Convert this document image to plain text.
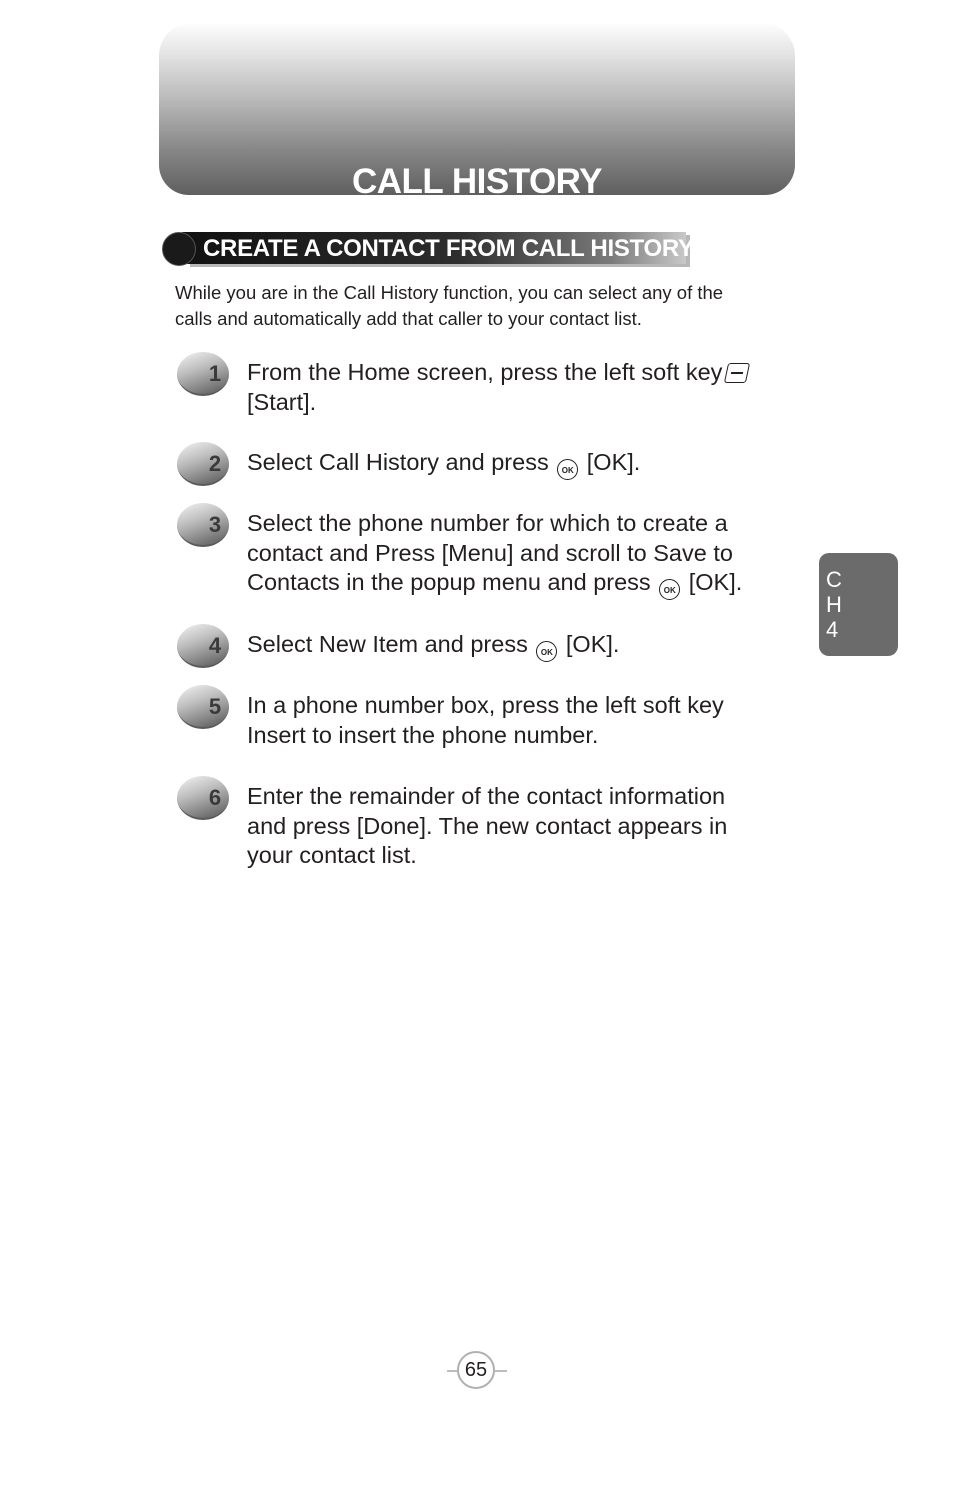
CALL HISTORY
CREATE A CONTACT FROM CALL HISTORY
While you are in the Call History function, you can select any of the
calls and automatically add that caller to your contact list.
1 From the Home screen, press the left soft key
[Start].
2 Select Call History and press OK [OK].
3 Select the phone number for which to create a
contact and Press [Menu] and scroll to Save to
Contacts in the popup menu and press OK [OK].
4 Select New Item and press OK [OK].
5 In a phone number box, press the left soft key
Insert to insert the phone number.
6 Enter the remainder of the contact information
and press [Done]. The new contact appears in
your contact list.
C
H
4
65
